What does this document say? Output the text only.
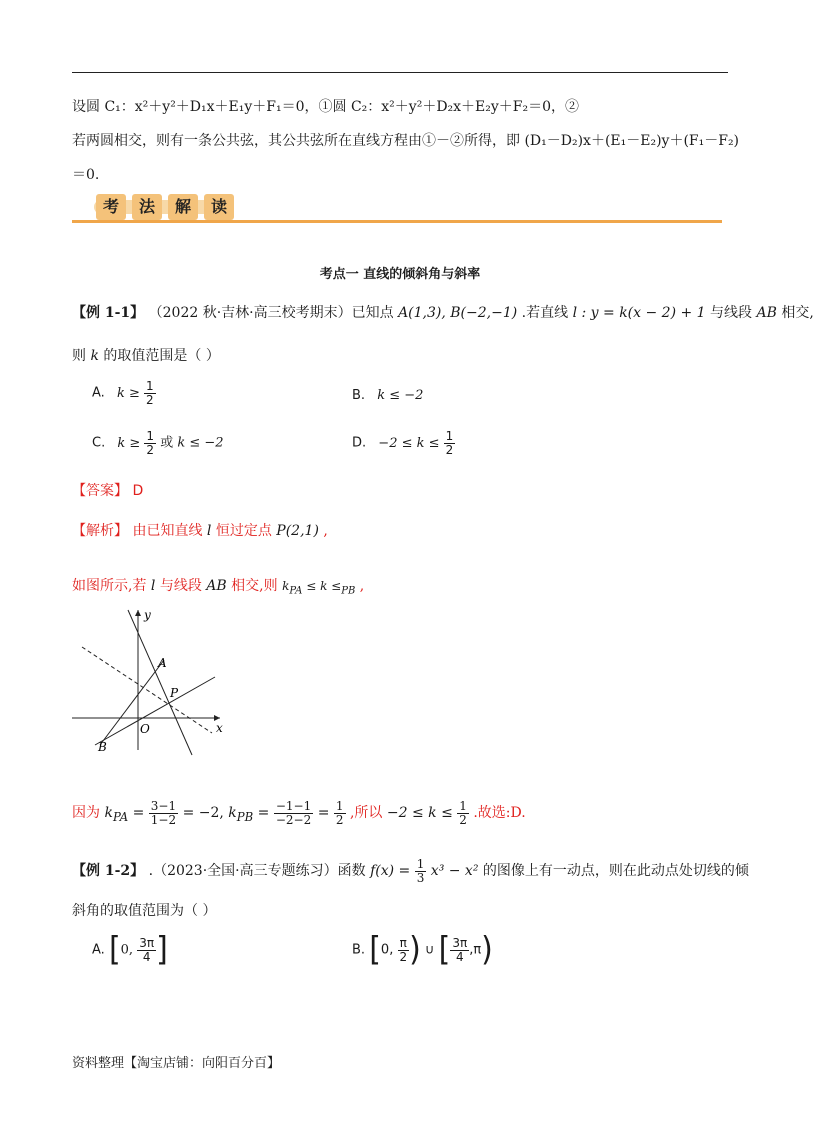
设圆 C₁：x²＋y²＋D₁x＋E₁y＋F₁＝0，①圆 C₂：x²＋y²＋D₂x＋E₂y＋F₂＝0，②
若两圆相交，则有一条公共弦，其公共弦所在直线方程由①－②所得，即 (D₁－D₂)x＋(E₁－E₂)y＋(F₁－F₂)
＝0.
考	法	解	读
考点一 直线的倾斜角与斜率
【例 1-1】 （2022 秋·吉林·高三校考期末）已知点 A(1,3), B(−2,−1) .若直线 l : y = k(x − 2) + 1 与线段 AB 相交,
则 k 的取值范围是（ ）
A. $k \ge \frac{1}{2}$	B. k ≤ −2
C. $k \ge \frac{1}{2}$ 或 k ≤ −2	D. $-2 \le k \le \frac{1}{2}$
【答案】 D
【解析】 由已知直线 l 恒过定点 P(2,1) ,
如图所示,若 l 与线段 AB 相交,则 $k_{PA} \le k \le_{PB}$ ,
y
x
O
A
B
P
因为 $k_{PA} = \frac{3-1}{1-2} = -2$, $k_{PB} = \frac{-1-1}{-2-2} = \frac{1}{2}$ ,所以 $-2 \le k \le \frac{1}{2}$ .故选:D.
【例 1-2】 .（2023·全国·高三专题练习）函数 $f(x) = \frac{1}{3} x^3 - x^2$ 的图像上有一动点，则在此动点处切线的倾
斜角的取值范围为（ ）
A. [0, $\frac{3\pi}{4}$ ]	B. [0, $\frac{\pi}{2}$ ) ∪ [ $\frac{3\pi}{4} ,\pi$)
资料整理【淘宝店铺：向阳百分百】
